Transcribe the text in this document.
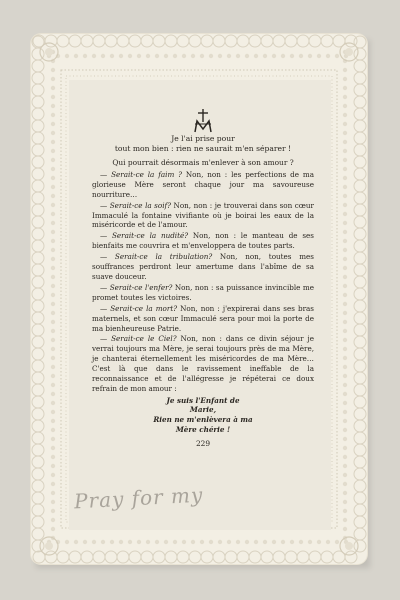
Je l'ai prise pour
tout mon bien : rien ne saurait m'en séparer !
Qui pourrait désormais m'enlever à son amour ?

— Serait-ce la faim ? Non, non : les perfections de ma glorieuse Mère seront chaque jour ma savoureuse nourriture…

— Serait-ce la soif? Non, non : je trouverai dans son cœur Immaculé la fontaine vivifiante où je boirai les eaux de la miséricorde et de l'amour.

— Serait-ce la nudité? Non, non : le manteau de ses bienfaits me couvrira et m'enveloppera de toutes parts.

— Serait-ce la tribulation? Non, non, toutes mes souffrances perdront leur amertume dans l'abîme de sa suave douceur.

— Serait-ce l'enfer? Non, non : sa puissance invincible me promet toutes les victoires.

— Serait-ce la mort? Non, non : j'expirerai dans ses bras maternels, et son cœur Immaculé sera pour moi la porte de ma bienheureuse Patrie.

— Serait-ce le Ciel? Non, non : dans ce divin séjour je verrai toujours ma Mère, je serai toujours près de ma Mère, je chanterai éternellement les miséricordes de ma Mère… C'est là que dans le ravissement ineffable de la reconnaissance et de l'allégresse je répéterai ce doux refrain de mon amour :

Je suis l'Enfant de
Marie,
Rien ne m'enlèvera à ma
Mère chérie !
229
Pray for my
